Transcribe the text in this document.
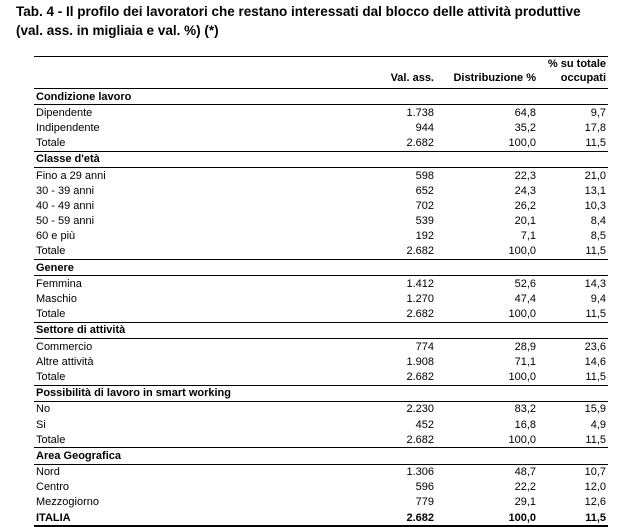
Tab. 4 - Il profilo dei lavoratori che restano interessati dal blocco delle attività produttive
(val. ass. in migliaia e val. %) (*)

	Val. ass.	Distribuzione %	% su totale
occupati

Condizione lavoro			
Dipendente	1.738	64,8	9,7
Indipendente	944	35,2	17,8
Totale	2.682	100,0	11,5
Classe d'età			
Fino a 29 anni	598	22,3	21,0
30 - 39 anni	652	24,3	13,1
40 - 49 anni	702	26,2	10,3
50 - 59 anni	539	20,1	8,4
60 e più	192	7,1	8,5
Totale	2.682	100,0	11,5
Genere			
Femmina	1.412	52,6	14,3
Maschio	1.270	47,4	9,4
Totale	2.682	100,0	11,5
Settore di attività			
Commercio	774	28,9	23,6
Altre attività	1.908	71,1	14,6
Totale	2.682	100,0	11,5
Possibilità di lavoro in smart working			
No	2.230	83,2	15,9
Si	452	16,8	4,9
Totale	2.682	100,0	11,5
Area Geografica			
Nord	1.306	48,7	10,7
Centro	596	22,2	12,0
Mezzogiorno	779	29,1	12,6
ITALIA	2.682	100,0	11,5
